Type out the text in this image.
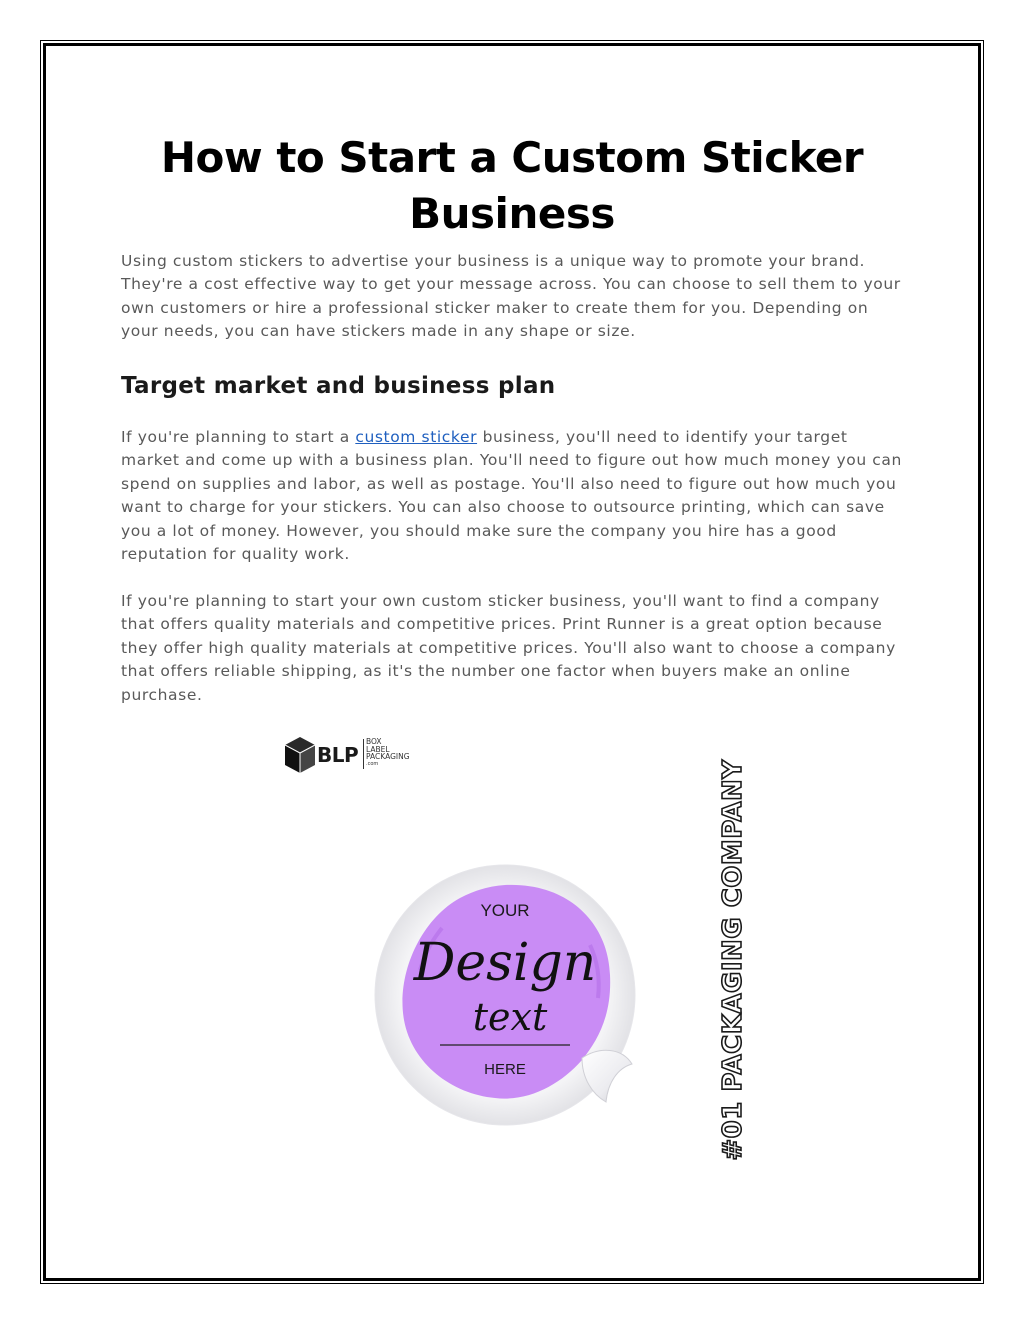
How to Start a Custom Sticker Business

Using custom stickers to advertise your business is a unique way to promote your brand. They're a cost effective way to get your message across. You can choose to sell them to your own customers or hire a professional sticker maker to create them for you. Depending on your needs, you can have stickers made in any shape or size.

Target market and business plan

If you're planning to start a custom sticker business, you'll need to identify your target market and come up with a business plan. You'll need to figure out how much money you can spend on supplies and labor, as well as postage. You'll also need to figure out how much you want to charge for your stickers. You can also choose to outsource printing, which can save you a lot of money. However, you should make sure the company you hire has a good reputation for quality work.

If you're planning to start your own custom sticker business, you'll want to find a company that offers quality materials and competitive prices. Print Runner is a great option because they offer high quality materials at competitive prices. You'll also want to choose a company that offers reliable shipping, as it's the number one factor when buyers make an online purchase.

BLP
BOX
LABEL
PACKAGING
.com
YOUR
Design
text
HERE	#01 PACKAGING COMPANY
